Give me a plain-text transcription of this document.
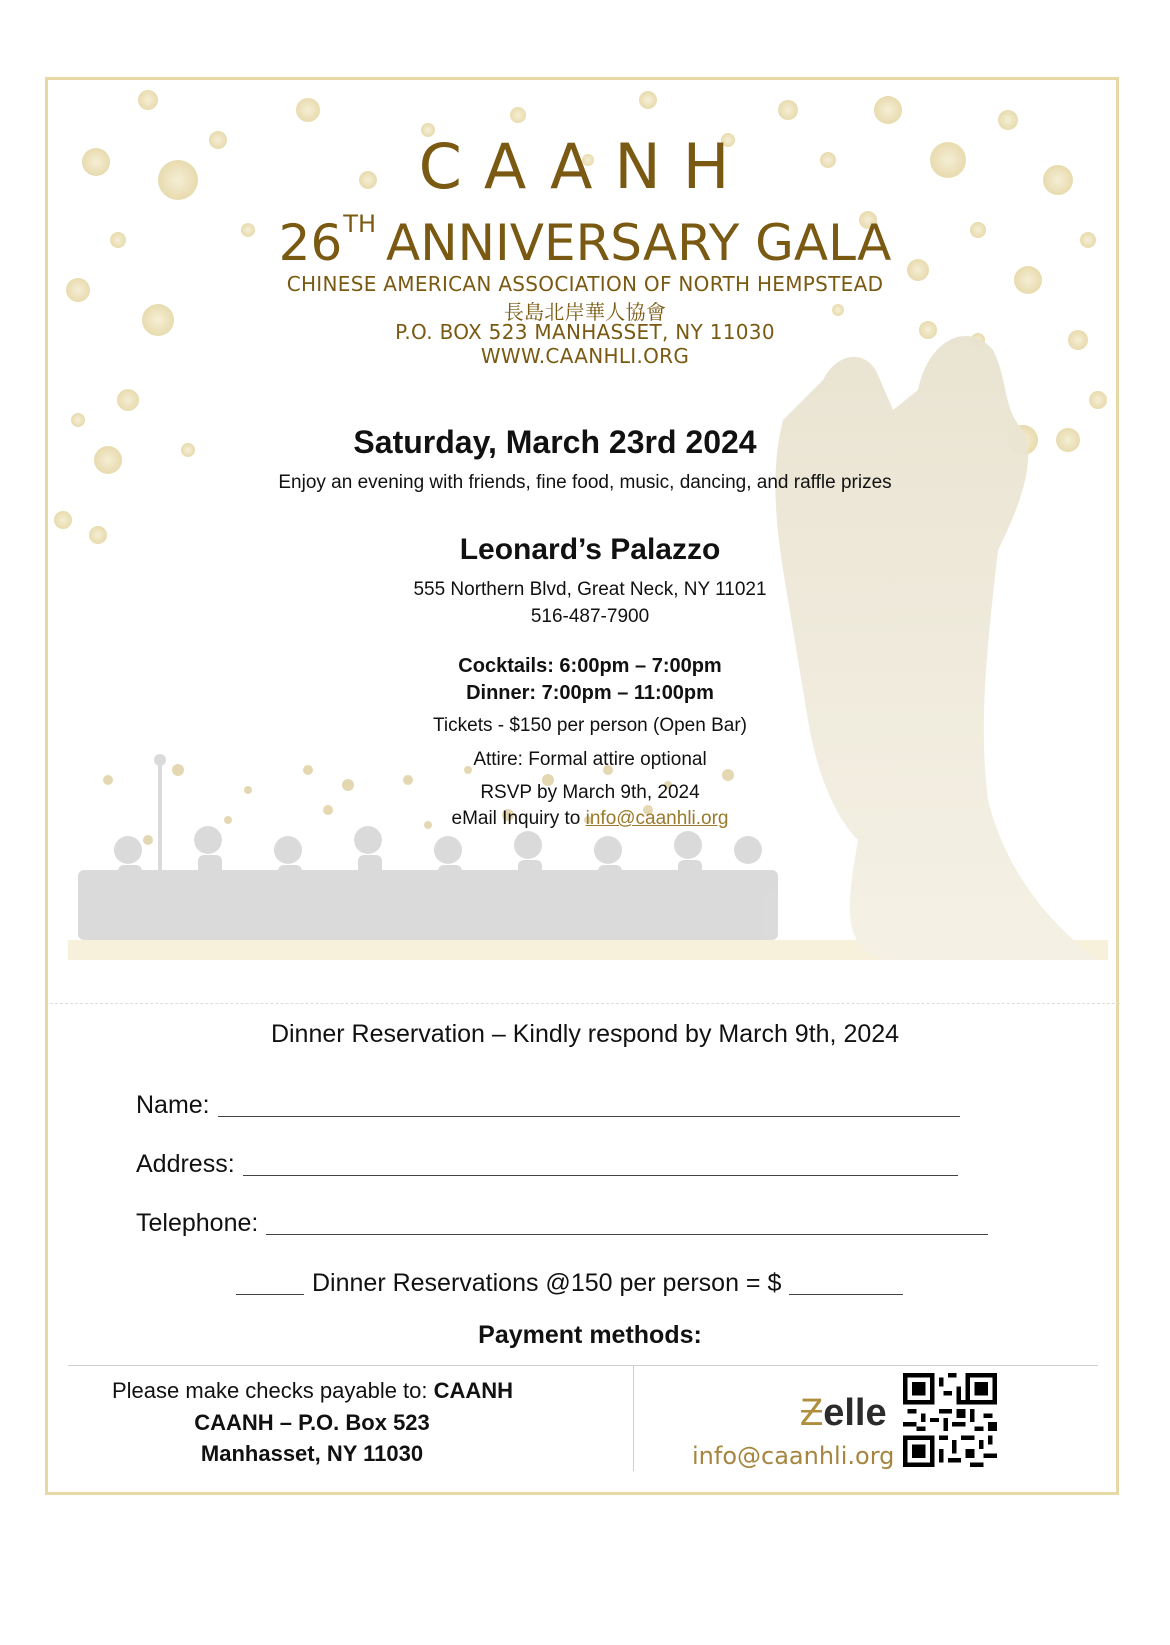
CAANH
26TH ANNIVERSARY GALA
CHINESE AMERICAN ASSOCIATION OF NORTH HEMPSTEAD
長島北岸華人協會
P.O. BOX 523 MANHASSET, NY 11030
WWW.CAANHLI.ORG
Saturday, March 23rd 2024
Enjoy an evening with friends, fine food, music, dancing, and raffle prizes
Leonard’s Palazzo
555 Northern Blvd, Great Neck, NY 11021
516-487-7900
Cocktails: 6:00pm – 7:00pm
Dinner: 7:00pm – 11:00pm
Tickets - $150 per person (Open Bar)
Attire: Formal attire optional
RSVP by March 9th, 2024
eMail Inquiry to info@caanhli.org
Dinner Reservation – Kindly respond by March 9th, 2024
Name:
Address:
Telephone:
Dinner Reservations @150 per person = $
Payment methods:
Please make checks payable to: CAANH
CAANH – P.O. Box 523
Manhasset, NY 11030
Ƶelle
info@caanhli.org
